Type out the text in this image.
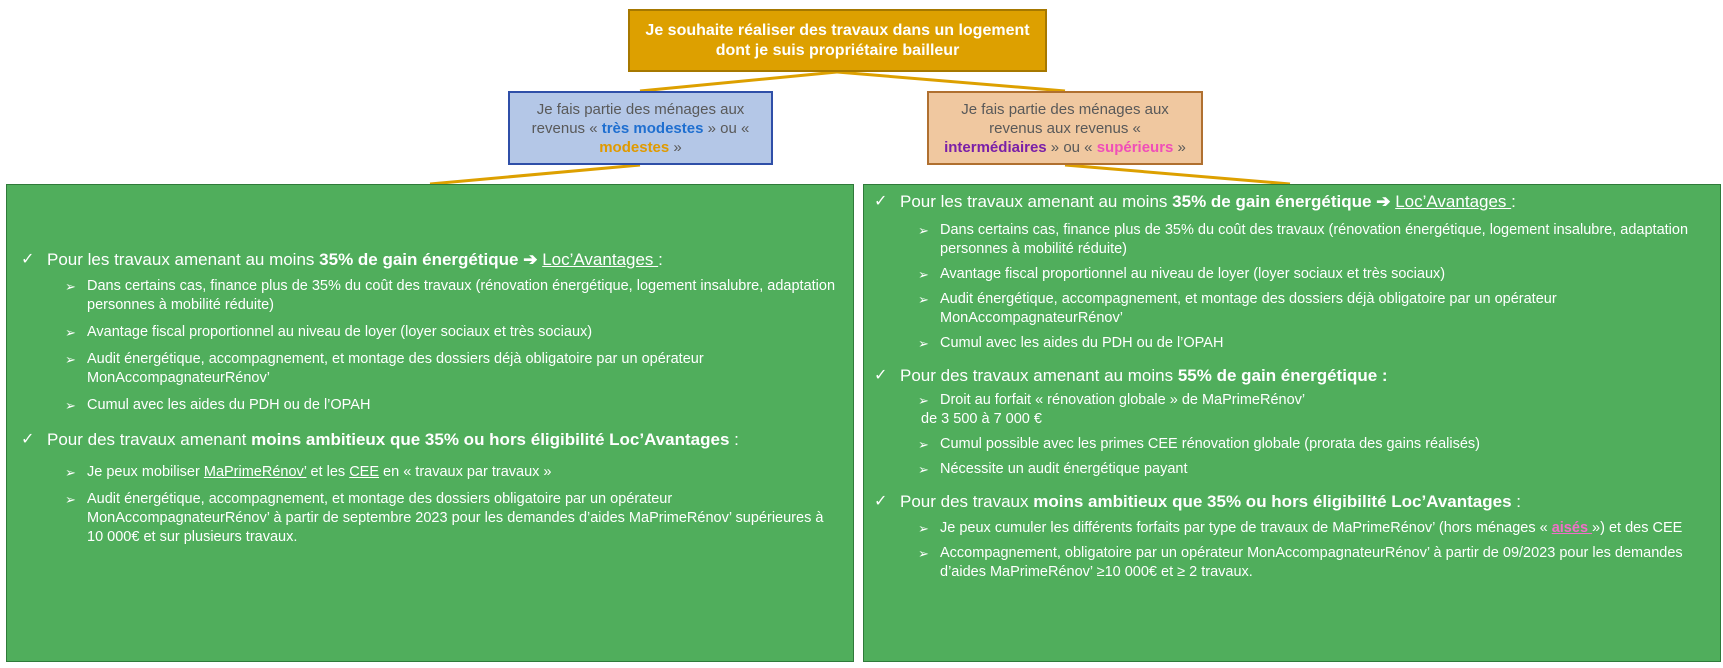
Je souhaite réaliser des travaux dans un logement dont je suis propriétaire bailleur
Je fais partie des ménages aux revenus « très modestes » ou « modestes »
Je fais partie des ménages aux revenus aux revenus « intermédiaires » ou « supérieurs »
✓ Pour les travaux amenant au moins 35% de gain énergétique ➔ Loc’Avantages :
➢ Dans certains cas, finance plus de 35% du coût des travaux (rénovation énergétique, logement insalubre, adaptation personnes à mobilité réduite)
➢ Avantage fiscal proportionnel au niveau de loyer (loyer sociaux et très sociaux)
➢ Audit énergétique, accompagnement, et montage des dossiers déjà obligatoire par un opérateur MonAccompagnateurRénov’
➢ Cumul avec les aides du PDH ou de l’OPAH
✓ Pour des travaux amenant moins ambitieux que 35% ou hors éligibilité Loc’Avantages :
➢ Je peux mobiliser MaPrimeRénov’ et les CEE en « travaux par travaux »
➢ Audit énergétique, accompagnement, et montage des dossiers obligatoire par un opérateur MonAccompagnateurRénov’ à partir de septembre 2023 pour les demandes d’aides MaPrimeRénov’ supérieures à 10 000€ et sur plusieurs travaux.
✓ Pour les travaux amenant au moins 35% de gain énergétique ➔ Loc’Avantages :
➢ Dans certains cas, finance plus de 35% du coût des travaux (rénovation énergétique, logement insalubre, adaptation personnes à mobilité réduite)
➢ Avantage fiscal proportionnel au niveau de loyer (loyer sociaux et très sociaux)
➢ Audit énergétique, accompagnement, et montage des dossiers déjà obligatoire par un opérateur MonAccompagnateurRénov’
➢ Cumul avec les aides du PDH ou de l’OPAH
✓ Pour des travaux amenant au moins 55% de gain énergétique :
➢ Droit au forfait « rénovation globale » de MaPrimeRénov’
de 3 500 à 7 000 €
➢ Cumul possible avec les primes CEE rénovation globale (prorata des gains réalisés)
➢ Nécessite un audit énergétique payant
✓ Pour des travaux moins ambitieux que 35% ou hors éligibilité Loc’Avantages :
➢ Je peux cumuler les différents forfaits par type de travaux de MaPrimeRénov’ (hors ménages « aisés ») et des CEE
➢ Accompagnement, obligatoire par un opérateur MonAccompagnateurRénov’ à partir de 09/2023 pour les demandes d’aides MaPrimeRénov’ ≥10 000€ et ≥ 2 travaux.
